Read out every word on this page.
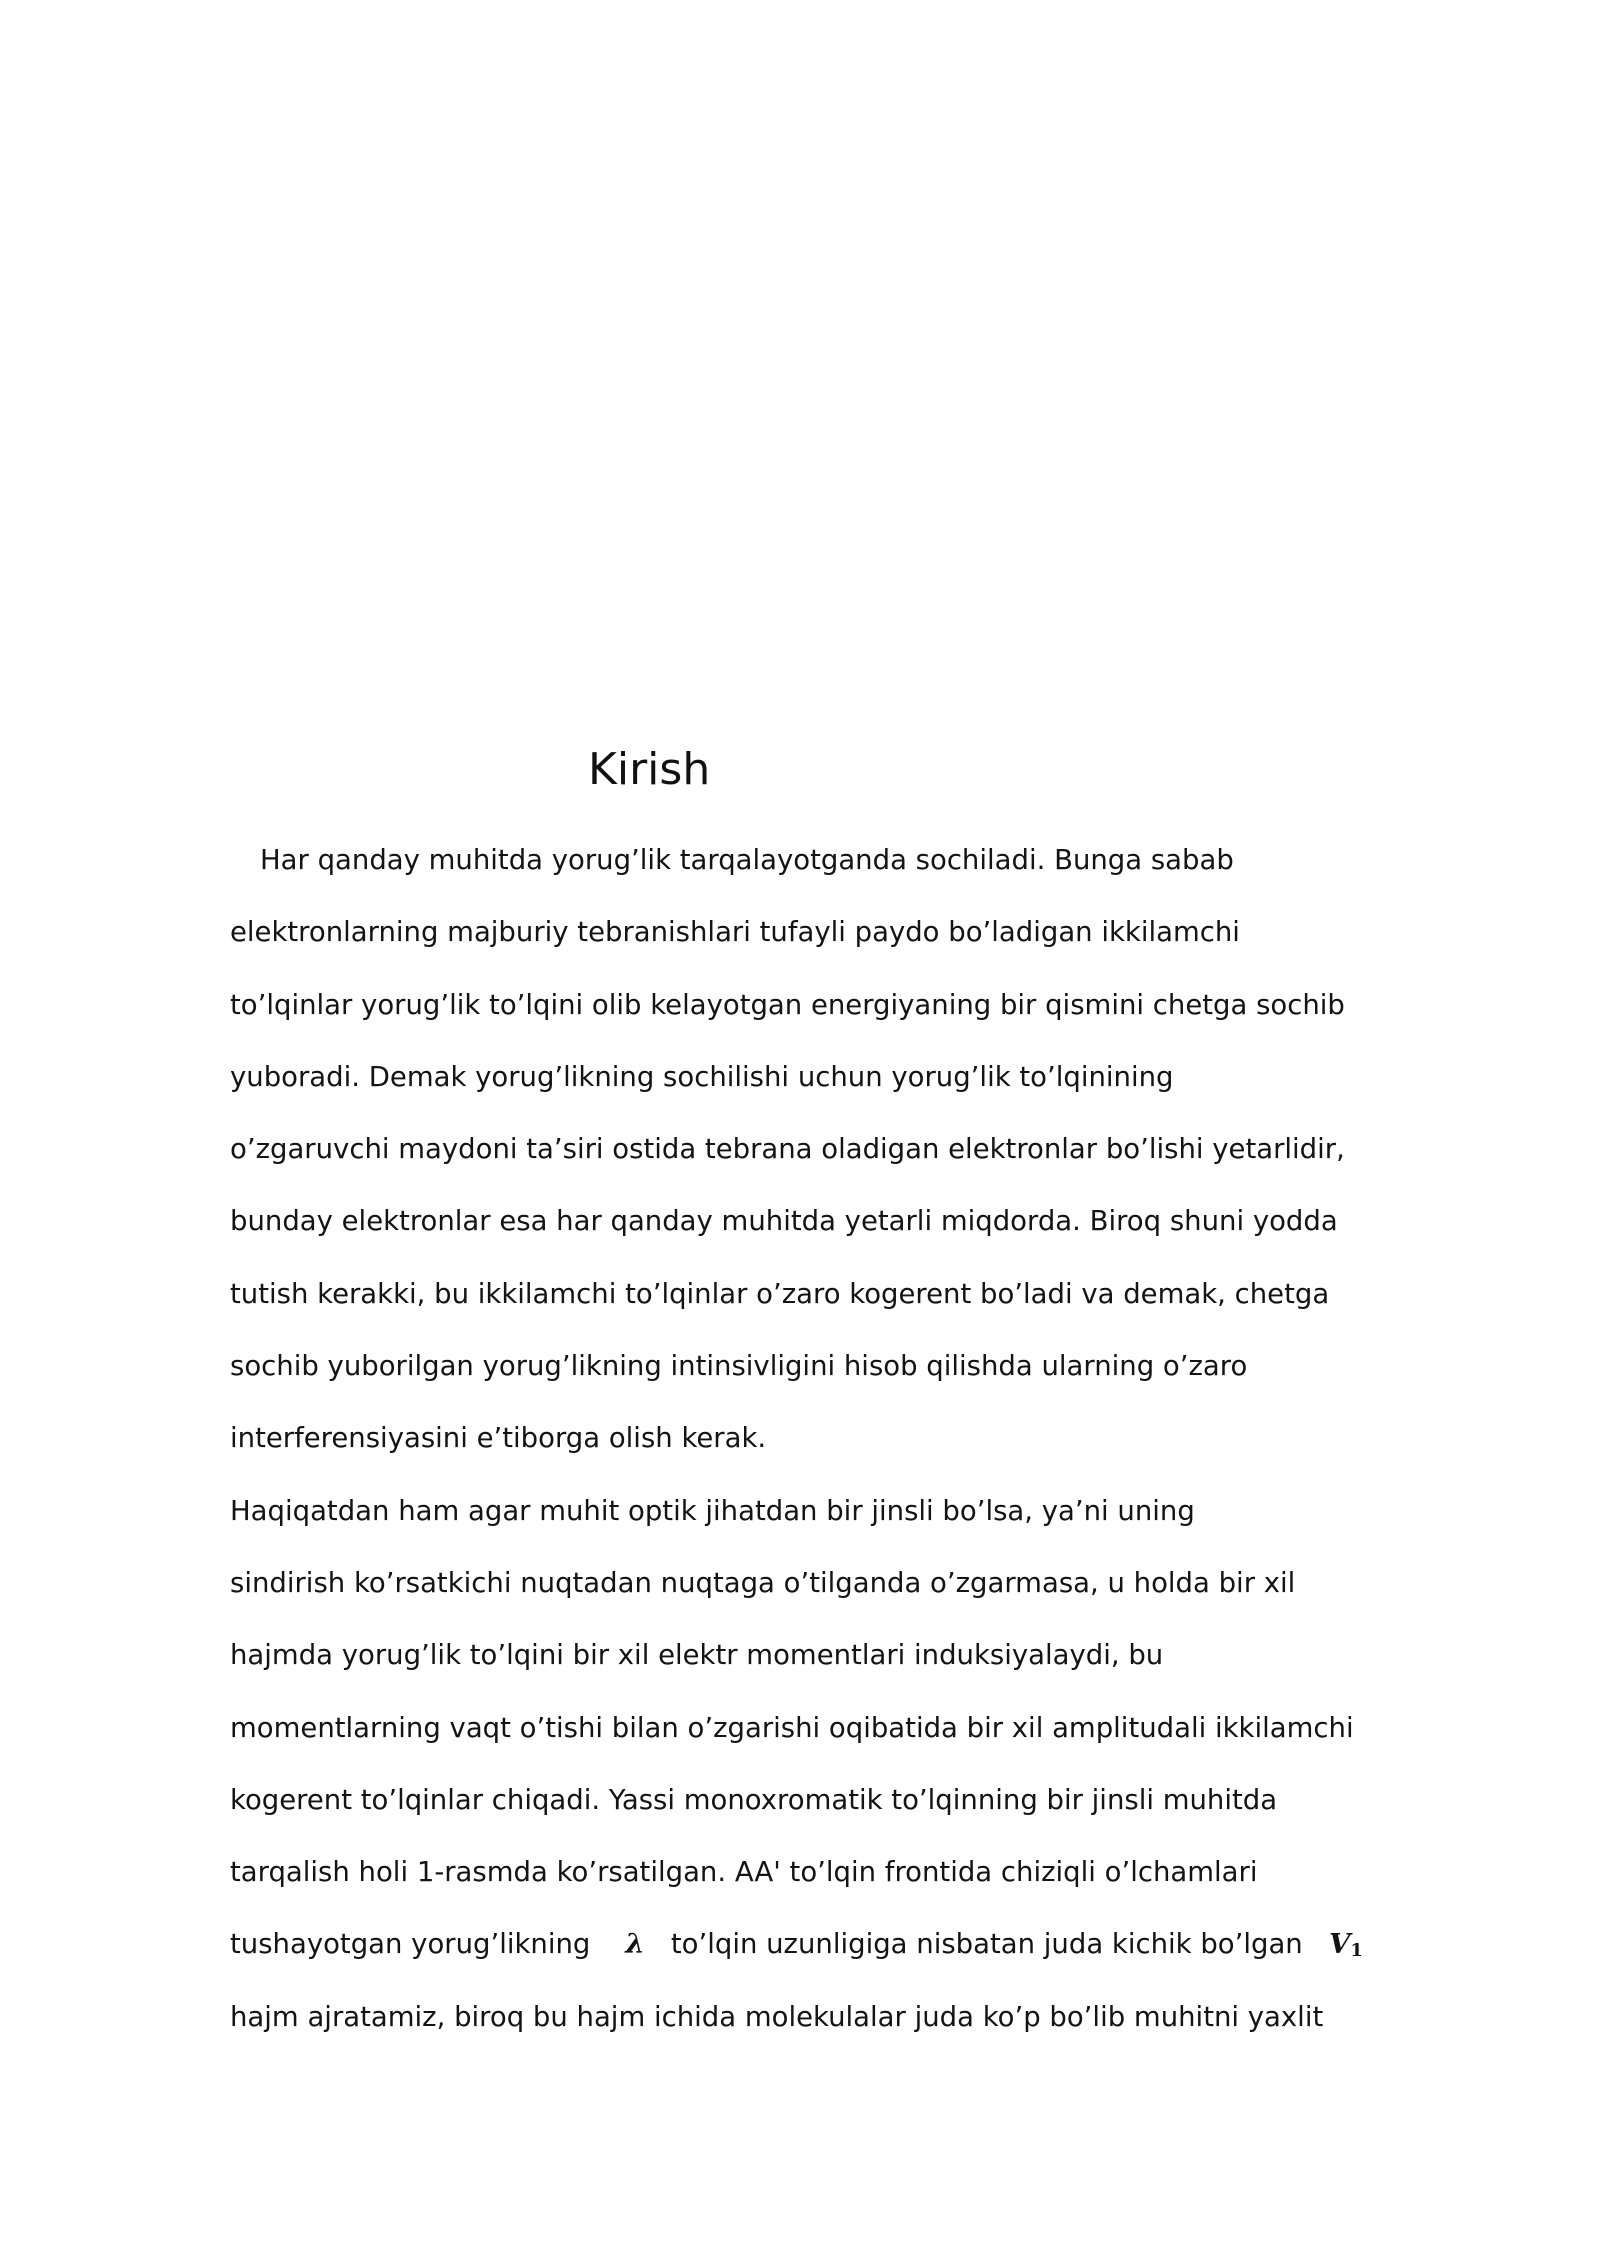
Kirish
Har qanday muhitda yorug’lik tarqalayotganda sochiladi. Bunga sabab
elektronlarning majburiy tebranishlari tufayli paydo bo’ladigan ikkilamchi
to’lqinlar yorug’lik to’lqini olib kelayotgan energiyaning bir qismini chetga sochib
yuboradi. Demak yorug’likning sochilishi uchun yorug’lik to’lqinining
o’zgaruvchi maydoni ta’siri ostida tebrana oladigan elektronlar bo’lishi yetarlidir,
bunday elektronlar esa har qanday muhitda yetarli miqdorda. Biroq shuni yodda
tutish kerakki, bu ikkilamchi to’lqinlar o’zaro kogerent bo’ladi va demak, chetga
sochib yuborilgan yorug’likning intinsivligini hisob qilishda ularning o’zaro
interferensiyasini e’tiborga olish kerak.
Haqiqatdan ham agar muhit optik jihatdan bir jinsli bo’lsa, ya’ni uning
sindirish ko’rsatkichi nuqtadan nuqtaga o’tilganda o’zgarmasa, u holda bir xil
hajmda yorug’lik to’lqini bir xil elektr momentlari induksiyalaydi, bu
momentlarning vaqt o’tishi bilan o’zgarishi oqibatida bir xil amplitudali ikkilamchi
kogerent to’lqinlar chiqadi. Yassi monoxromatik to’lqinning bir jinsli muhitda
tarqalish holi 1-rasmda ko’rsatilgan. AA' to’lqin frontida chiziqli o’lchamlari
tushayotgan yorug’likning λ to’lqin uzunligiga nisbatan juda kichik bo’lgan $V_1$
hajm ajratamiz, biroq bu hajm ichida molekulalar juda ko’p bo’lib muhitni yaxlit
